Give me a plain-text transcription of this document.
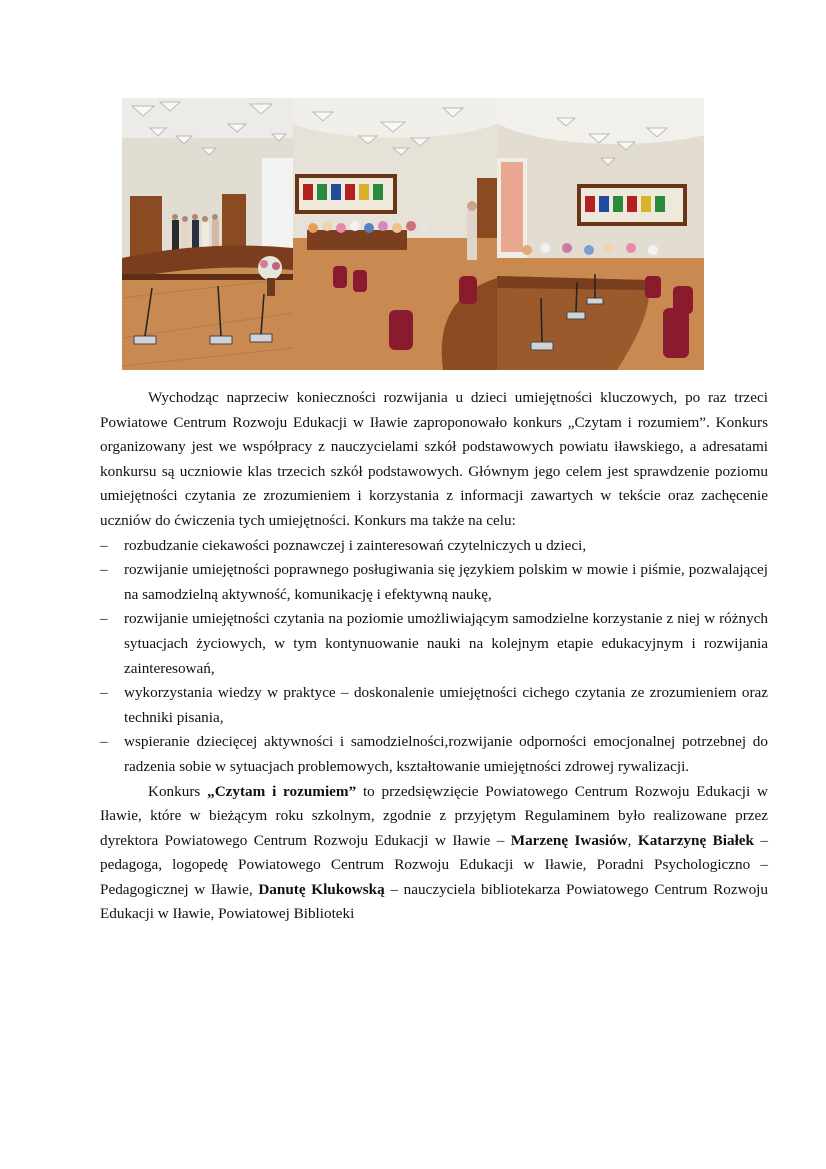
Wychodząc naprzeciw konieczności rozwijania u dzieci umiejętności kluczowych, po raz trzeci Powiatowe Centrum Rozwoju Edukacji w Iławie zaproponowało konkurs „Czytam i rozumiem”. Konkurs organizowany jest we współpracy z nauczycielami szkół podstawowych powiatu iławskiego, a adresatami konkursu są uczniowie klas trzecich szkół podstawowych. Głównym jego celem jest sprawdzenie poziomu umiejętności czytania ze zrozumieniem i korzystania z informacji zawartych w tekście oraz zachęcenie uczniów do ćwiczenia tych umiejętności. Konkurs ma także na celu:

– rozbudzanie ciekawości poznawczej i zainteresowań czytelniczych u dzieci,
– rozwijanie umiejętności poprawnego posługiwania się językiem polskim w mowie i piśmie, pozwalającej na samodzielną aktywność, komunikację i efektywną naukę,
– rozwijanie umiejętności czytania na poziomie umożliwiającym samodzielne korzystanie z niej w różnych sytuacjach życiowych, w tym kontynuowanie nauki na kolejnym etapie edukacyjnym i rozwijania zainteresowań,
– wykorzystania wiedzy w praktyce – doskonalenie umiejętności cichego czytania ze zrozumieniem oraz techniki pisania,
– wspieranie dziecięcej aktywności i samodzielności,rozwijanie odporności emocjonalnej potrzebnej do radzenia sobie w sytuacjach problemowych, kształtowanie umiejętności zdrowej rywalizacji.

Konkurs „Czytam i rozumiem” to przedsięwzięcie Powiatowego Centrum Rozwoju Edukacji w Iławie, które w bieżącym roku szkolnym, zgodnie z przyjętym Regulaminem było realizowane przez dyrektora Powiatowego Centrum Rozwoju Edukacji w Iławie – Marzenę Iwasiów, Katarzynę Białek – pedagoga, logopedę Powiatowego Centrum Rozwoju Edukacji w Iławie, Poradni Psychologiczno – Pedagogicznej w Iławie, Danutę Klukowską – nauczyciela bibliotekarza Powiatowego Centrum Rozwoju Edukacji w Iławie, Powiatowej Biblioteki
